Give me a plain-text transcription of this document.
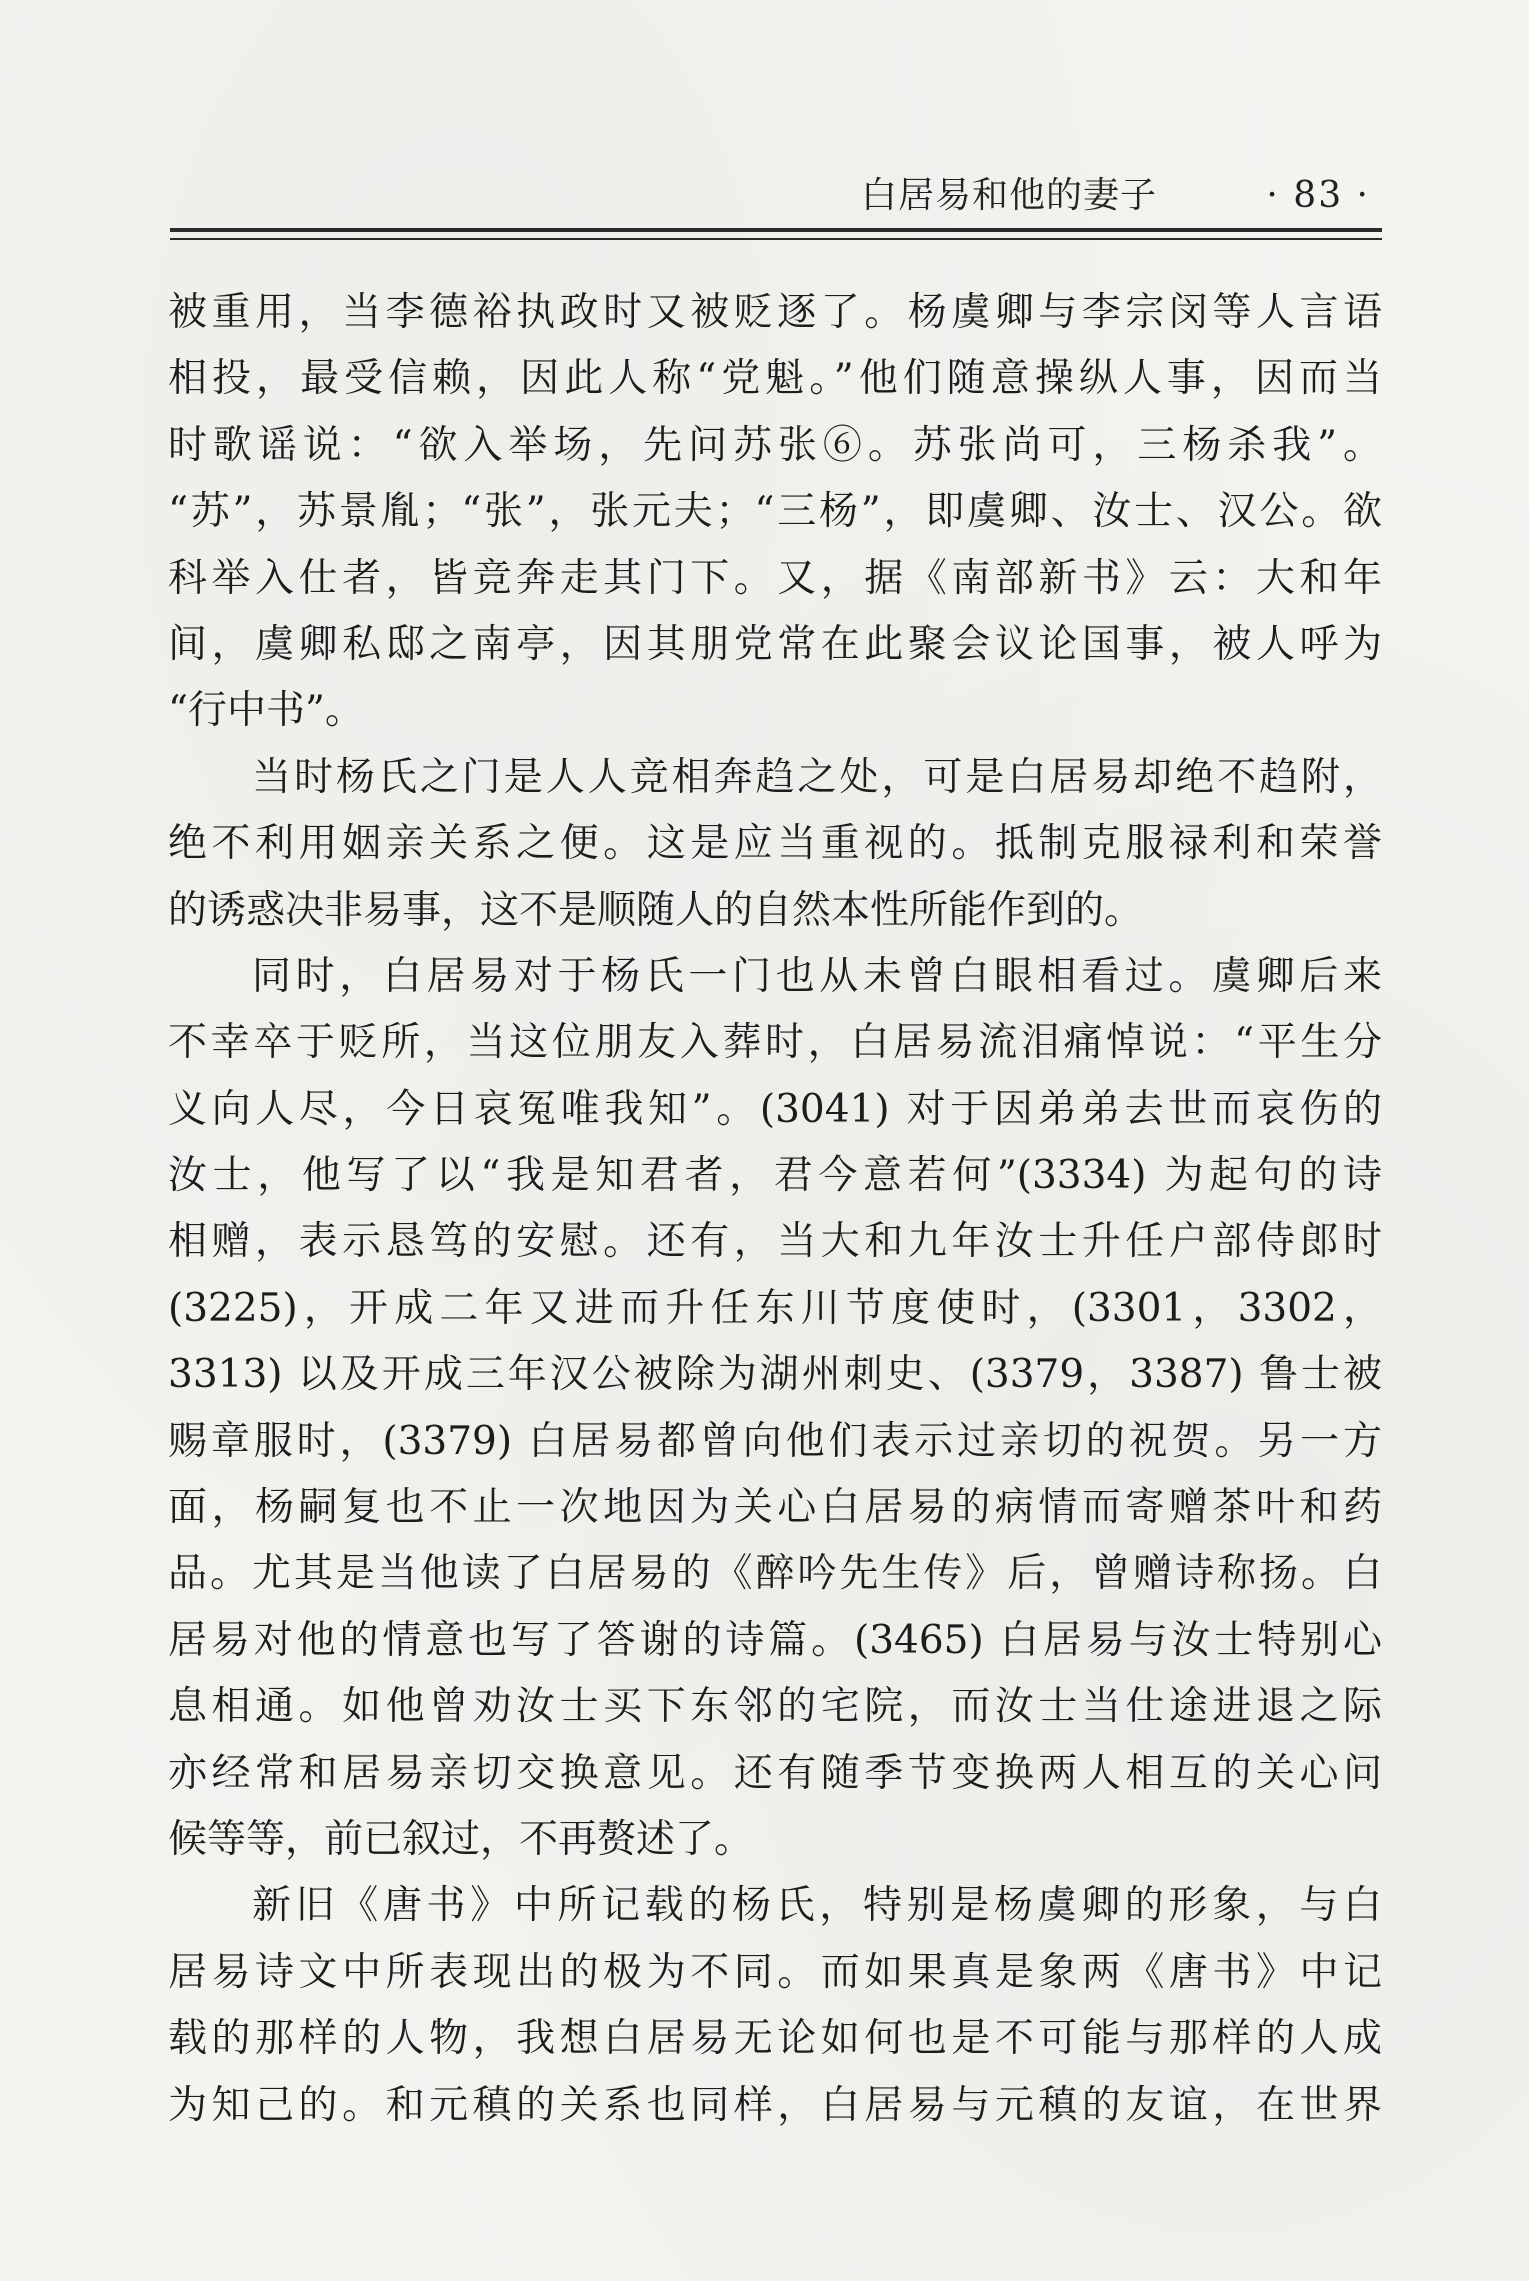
白居易和他的妻子	· 83 ·
被重用，当李德裕执政时又被贬逐了。杨虞卿与李宗闵等人言语
相投，最受信赖，因此人称“党魁。”他们随意操纵人事，因而当
时歌谣说：“欲入举场，先问苏张⑥。苏张尚可，三杨杀我”。
“苏”，苏景胤；“张”，张元夫；“三杨”，即虞卿、汝士、汉公。欲
科举入仕者，皆竞奔走其门下。又，据《南部新书》云：大和年
间，虞卿私邸之南亭，因其朋党常在此聚会议论国事，被人呼为
“行中书”。
当时杨氏之门是人人竞相奔趋之处，可是白居易却绝不趋附，
绝不利用姻亲关系之便。这是应当重视的。抵制克服禄利和荣誉
的诱惑决非易事，这不是顺随人的自然本性所能作到的。
同时，白居易对于杨氏一门也从未曾白眼相看过。虞卿后来
不幸卒于贬所，当这位朋友入葬时，白居易流泪痛悼说：“平生分
义向人尽，今日哀冤唯我知”。(3041) 对于因弟弟去世而哀伤的
汝士，他写了以“我是知君者，君今意若何”(3334) 为起句的诗
相赠，表示恳笃的安慰。还有，当大和九年汝士升任户部侍郎时
(3225)，开成二年又进而升任东川节度使时，(3301，3302，
3313) 以及开成三年汉公被除为湖州刺史、(3379，3387) 鲁士被
赐章服时，(3379) 白居易都曾向他们表示过亲切的祝贺。另一方
面，杨嗣复也不止一次地因为关心白居易的病情而寄赠茶叶和药
品。尤其是当他读了白居易的《醉吟先生传》后，曾赠诗称扬。白
居易对他的情意也写了答谢的诗篇。(3465) 白居易与汝士特别心
息相通。如他曾劝汝士买下东邻的宅院，而汝士当仕途进退之际
亦经常和居易亲切交换意见。还有随季节变换两人相互的关心问
候等等，前已叙过，不再赘述了。
新旧《唐书》中所记载的杨氏，特别是杨虞卿的形象，与白
居易诗文中所表现出的极为不同。而如果真是象两《唐书》中记
载的那样的人物，我想白居易无论如何也是不可能与那样的人成
为知己的。和元稹的关系也同样，白居易与元稹的友谊，在世界
